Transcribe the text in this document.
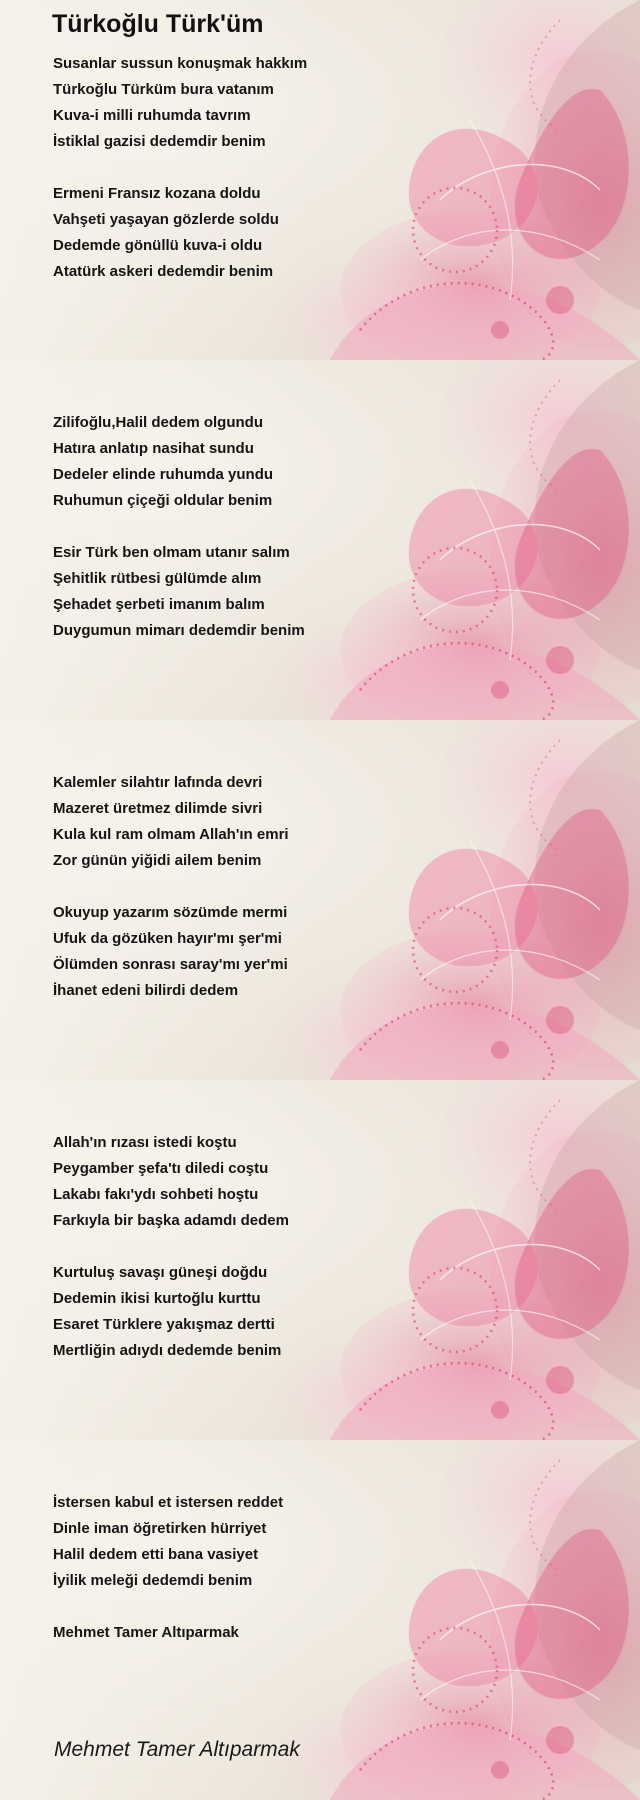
Türkoğlu Türk'üm
Susanlar sussun konuşmak hakkım
Türkoğlu Türküm bura vatanım
Kuva-i milli ruhumda tavrım
İstiklal gazisi dedemdir benim
Ermeni Fransız kozana doldu
Vahşeti yaşayan gözlerde soldu
Dedemde gönüllü kuva-i oldu
Atatürk askeri dedemdir benim
Zilifoğlu,Halil dedem olgundu
Hatıra anlatıp nasihat sundu
Dedeler elinde ruhumda yundu
Ruhumun çiçeği oldular benim
Esir Türk ben olmam utanır salım
Şehitlik rütbesi gülümde alım
Şehadet şerbeti imanım balım
Duygumun mimarı dedemdir benim
Kalemler silahtır lafında devri
Mazeret üretmez dilimde sivri
Kula kul ram olmam Allah'ın emri
Zor günün yiğidi ailem benim
Okuyup yazarım sözümde mermi
Ufuk da gözüken hayır'mı şer'mi
Ölümden sonrası saray'mı yer'mi
İhanet edeni bilirdi dedem
Allah'ın rızası istedi koştu
Peygamber şefa'tı diledi coştu
Lakabı fakı'ydı sohbeti hoştu
Farkıyla bir başka adamdı dedem
Kurtuluş savaşı güneşi doğdu
Dedemin ikisi kurtoğlu kurttu
Esaret Türklere yakışmaz dertti
Mertliğin adıydı dedemde benim
İstersen kabul et istersen reddet
Dinle iman öğretirken hürriyet
Halil dedem etti bana vasiyet
İyilik meleği dedemdi benim
Mehmet Tamer Altıparmak
Mehmet Tamer Altıparmak
